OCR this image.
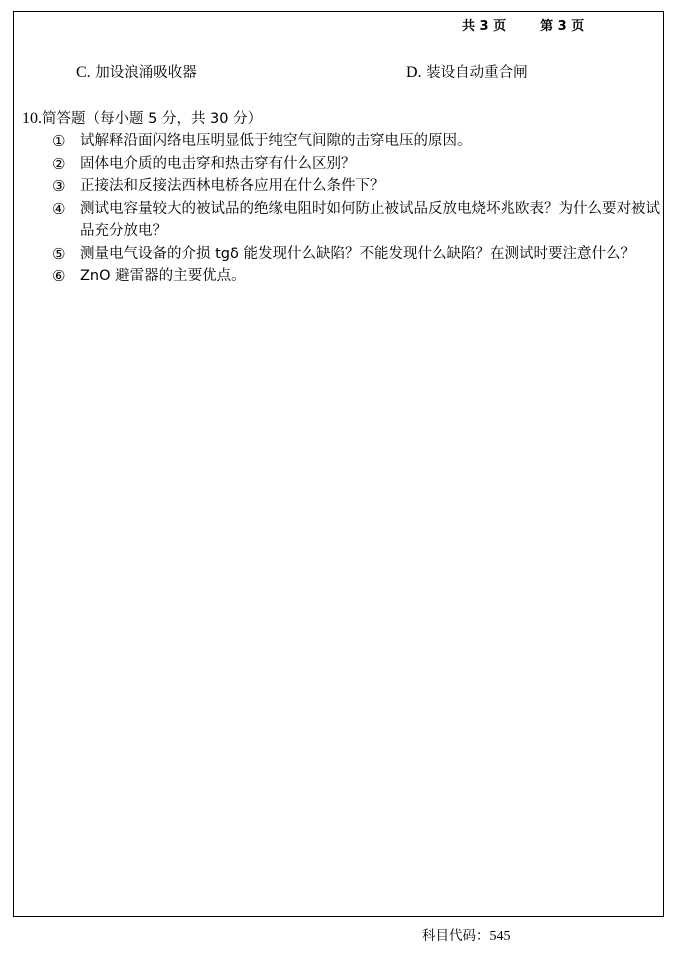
共 3 页	第 3 页
C. 加设浪涌吸收器	D. 装设自动重合闸
10.简答题（每小题 5 分，共 30 分）

① 试解释沿面闪络电压明显低于纯空气间隙的击穿电压的原因。

② 固体电介质的电击穿和热击穿有什么区别？

③ 正接法和反接法西林电桥各应用在什么条件下？

④ 测试电容量较大的被试品的绝缘电阻时如何防止被试品反放电烧坏兆欧表？为什么要对被试品充分放电？

⑤ 测量电气设备的介损 tgδ 能发现什么缺陷？不能发现什么缺陷？在测试时要注意什么？

⑥ ZnO 避雷器的主要优点。

科目代码：545
